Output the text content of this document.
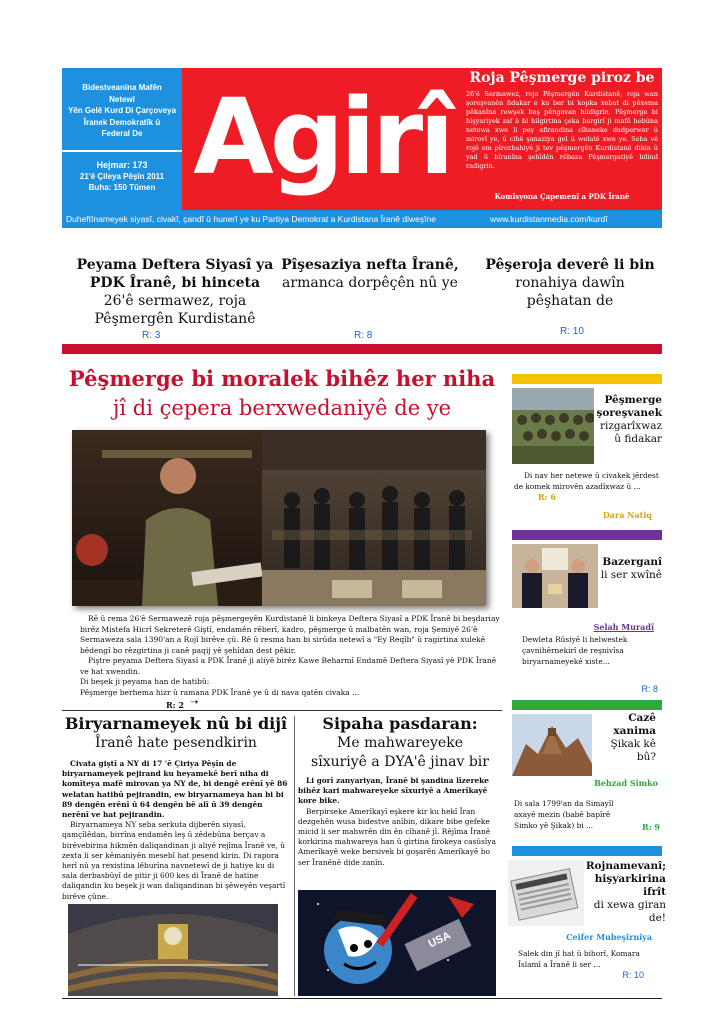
Bidestveanîna Mafên
Netewî
Yên Gelê Kurd Di Çarçoveya
Îranek Demokratîk û
Federal De
Hejmar: 173
21'ê Çileya Pêşîn 2011
Buha: 150 Tûmen Agirî	Roja Pêşmerge piroz be
26'ê Sermawez, roja Pêşmergên Kurdistanê, roja wan şoreşvanên fidakar e ku ber bi kopka xebat di pêxema pêkanîna rewşek baş pêngavan hildigrin. Pêşmerge bi hişyariyek zaf û bi hilgirtina çeka bergirî ji mafê hebûna netewa xwe li pey afirandina cîhaneke dadperwer û mirovî ye, û cihê şanaziya gel û welatê xwe ye. Seba vê rojê em pîrozbahiyê ji tev pêşmergên Kurdistanê dikin û yad û bîranîna şehîdên rêbaza Pêşmergatiyê bilind radigrin.
Komîsyona Çapemenî a PDK Îranê
Duheftînameyek siyasî, civakî, çandî û hunerî ye ku Partiya Demokrat a Kurdistana Îranê diweşîne	www.kurdistanmedia.com/kurdî
Peyama Deftera Siyasî ya PDK Îranê, bi hinceta
26'ê sermawez, roja Pêşmergên Kurdistanê
R: 3
Pîşesaziya nefta Îranê,
armanca dorpêçên nû ye
R: 8
Pêşeroja deverê li bin
ronahiya dawîn pêşhatan de
R: 10
Pêşmerge bi moralek bihêz her niha
jî di çepera berxwedaniyê de ye

Rê û rema 26'ê Sermawezê roja pêşmergeyên Kurdistanê li binkeya Deftera Siyasî a PDK Îranê bi beşdariay birêz Mistefa Hicrî Sekreterê Giştî, endamên rêberî, kadro, pêşmerge û malbatên wan, roja Şemiyê 26'ê Sermaweza sala 1390'an a Rojî birêve çû. Rê û resma han bi sirûda netewî a "Ey Reqîb" û ragirtina xulekê bêdengî bo rêzgirtina ji canê paqij yê şehîdan dest pêkir.

Piştre peyama Deftera Siyasî a PDK Îranê ji aliyê birêz Kawe Beharmî Endamê Deftera Siyasî yê PDK Îranê ve hat xwendin.

Di beşek ji peyama han de hatibû:

Pêşmerge berhema hizr û ramana PDK Îranê ye û di nava qatên civaka ...

R: 2 ➝
Biryarnameyek nû bi dijî
Îranê hate pesendkirin

Civata giştî a NY di 17 'ê Çiriya Pêşîn de biryarnameyek pejirand ku heyamekê berî niha di komîteya mafê mirovan ya NY de, bi dengê erênî yê 86 welatan hatibû pejirandin, ew biryarnameya han bi bi 89 dengên erênî û 64 dengên bê alî û 39 dengên nerênî ve hat pejirandin.

Biryarnameya NY seba serkuta dijberên siyasî, qamçîlêdan, birrîna endamên leş û zêdebûna berçav a birêvebirina hikmên daliqandinan ji aliyê rejîma Îranê ve, û zexta li ser kêmaniyên mesebî hat pesend kirin. Di rapora herî nû ya rexistina lêburîna navnetewî de ji hatiye ku di sala derbasbûyî de pitir ji 600 kes di Îranê de hatine daliqandin ku beşek ji wan daliqandinan bi şêweyên veşartî birêve çûne.

Sipaha pasdaran:
Me mahwareyeke sîxuriyê a DYA'ê jinav bir

Li gorî zanyariyan, Îranê bi şandina lîzereke bihêz kari mahwareyeke sîxuriyê a Amerîkayê kore bike.

Berpirseke Amerîkayî eşkere kir ku hekî Îran dezgehên wusa bidestve anîbin, dikare bibe gefeke micid li ser mahwrên din ên cîhanê jî. Rêjîma Îranê korkirina mahwareya han û girtina firokeya casûsîya Amerîkayê weke bersivek bi goşarên Amerîkayê bo ser Îranênê dide zanîn.

USA
Pêşmerge şoreşvanek
rizgarîxwaz û fidakar
Di nav her netewe û civakek jêrdest de komek mirovên azadîxwaz û ... R: 6
Dara Natiq
Bazerganî
li ser xwînê
Selah Muradî
Dewleta Rûsiyê li helwestek çavnihêrnekirî de reşnivîsa biryarnameyekê xiste...
R: 8
Cazê xanima
Şikak kê bû?
Behzad Simko
Di sala 1799'an da Simayîl axayê mezin (babê bapîrê Simko yê Şikak) bi ...	R: 9
Rojnamevanî; hişyarkirina ifrît
di xewa giran de!
Ceifer Mubeşirniya
Salek din jî hat û bihorî, Komara Îslamî a Îranê li ser ...
R: 10
